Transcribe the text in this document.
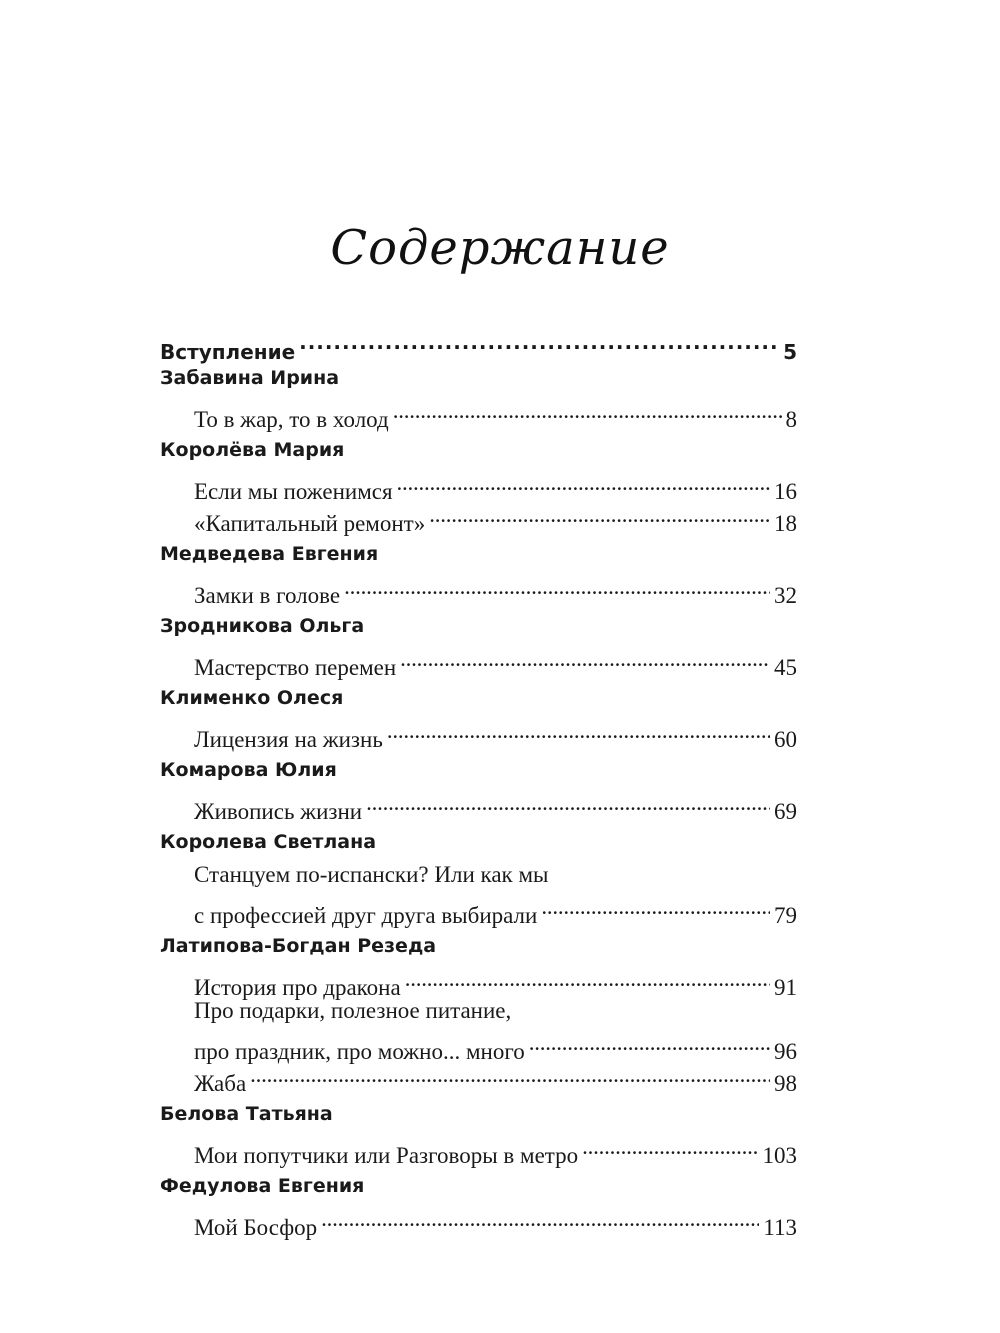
Содержание
Вступление . . .	5
Забавина Ирина
То в жар, то в холод . . .	8
Королёва Мария
Если мы поженимся . . .	16
«Капитальный ремонт» . . .	18
Медведева Евгения
Замки в голове . . .	32
Зродникова Ольга
Мастерство перемен . . .	45
Клименко Олеся
Лицензия на жизнь . . .	60
Комарова Юлия
Живопись жизни . . .	69
Королева Светлана
Станцуем по-испански? Или как мы
с профессией друг друга выбирали . . .	79
Латипова-Богдан Резеда
История про дракона . . .	91
Про подарки, полезное питание,
про праздник, про можно... много . . .	96
Жаба . . .	98
Белова Татьяна
Мои попутчики или Разговоры в метро . . .	103
Федулова Евгения
Мой Босфор . . .	113
